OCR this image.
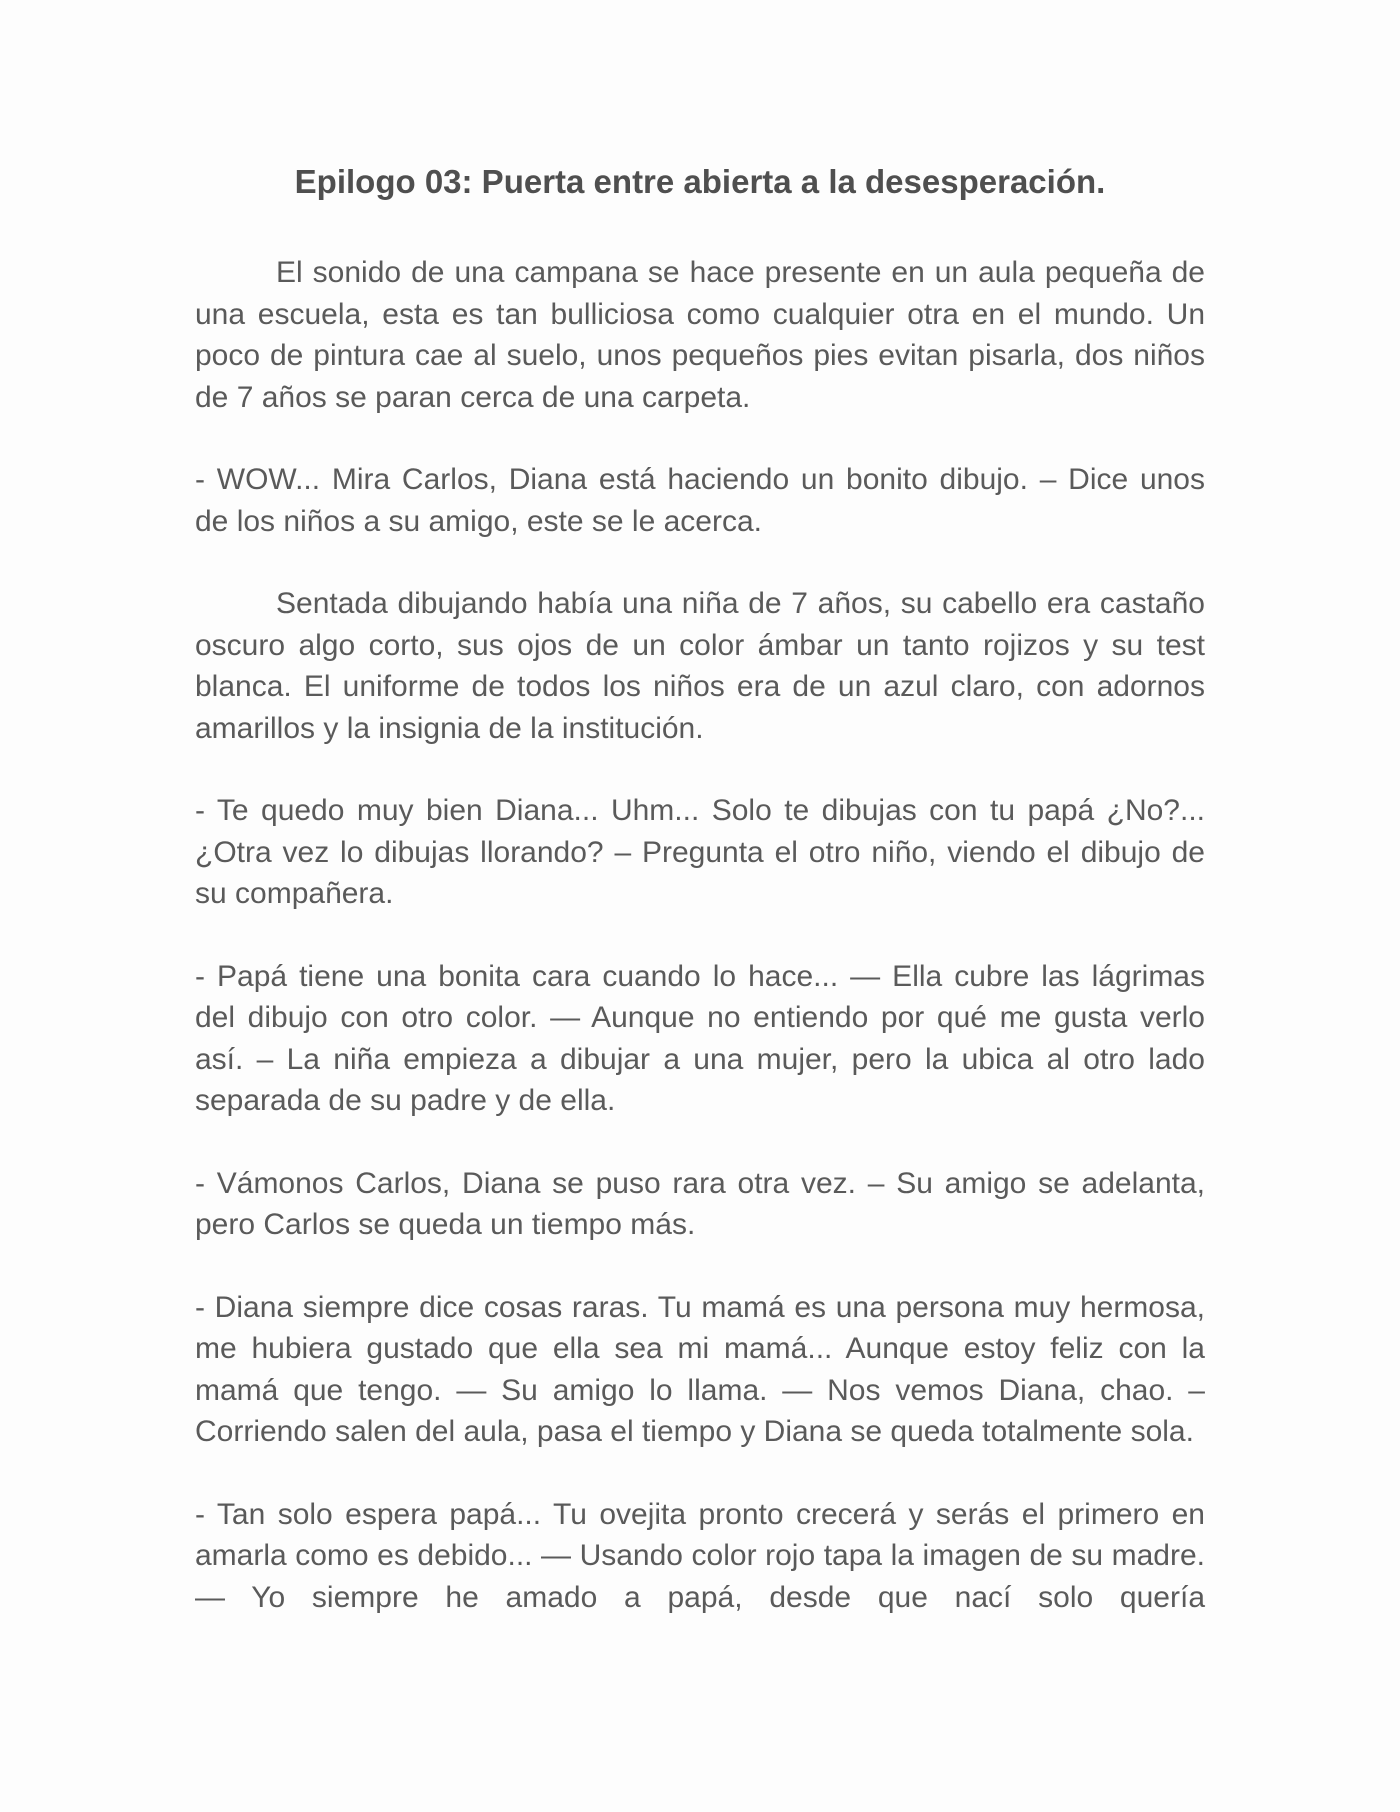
Epilogo 03: Puerta entre abierta a la desesperación.

El sonido de una campana se hace presente en un aula pequeña de una escuela, esta es tan bulliciosa como cualquier otra en el mundo. Un poco de pintura cae al suelo, unos pequeños pies evitan pisarla, dos niños de 7 años se paran cerca de una carpeta.

- WOW... Mira Carlos, Diana está haciendo un bonito dibujo. – Dice unos de los niños a su amigo, este se le acerca.

Sentada dibujando había una niña de 7 años, su cabello era castaño oscuro algo corto, sus ojos de un color ámbar un tanto rojizos y su test blanca. El uniforme de todos los niños era de un azul claro, con adornos amarillos y la insignia de la institución.

- Te quedo muy bien Diana... Uhm... Solo te dibujas con tu papá ¿No?... ¿Otra vez lo dibujas llorando? – Pregunta el otro niño, viendo el dibujo de su compañera.

- Papá tiene una bonita cara cuando lo hace... — Ella cubre las lágrimas del dibujo con otro color. — Aunque no entiendo por qué me gusta verlo así. – La niña empieza a dibujar a una mujer, pero la ubica al otro lado separada de su padre y de ella.

- Vámonos Carlos, Diana se puso rara otra vez. – Su amigo se adelanta, pero Carlos se queda un tiempo más.

- Diana siempre dice cosas raras. Tu mamá es una persona muy hermosa, me hubiera gustado que ella sea mi mamá... Aunque estoy feliz con la mamá que tengo. — Su amigo lo llama. — Nos vemos Diana, chao. – Corriendo salen del aula, pasa el tiempo y Diana se queda totalmente sola.

- Tan solo espera papá... Tu ovejita pronto crecerá y serás el primero en amarla como es debido... — Usando color rojo tapa la imagen de su madre. — Yo siempre he amado a papá, desde que nací solo quería
